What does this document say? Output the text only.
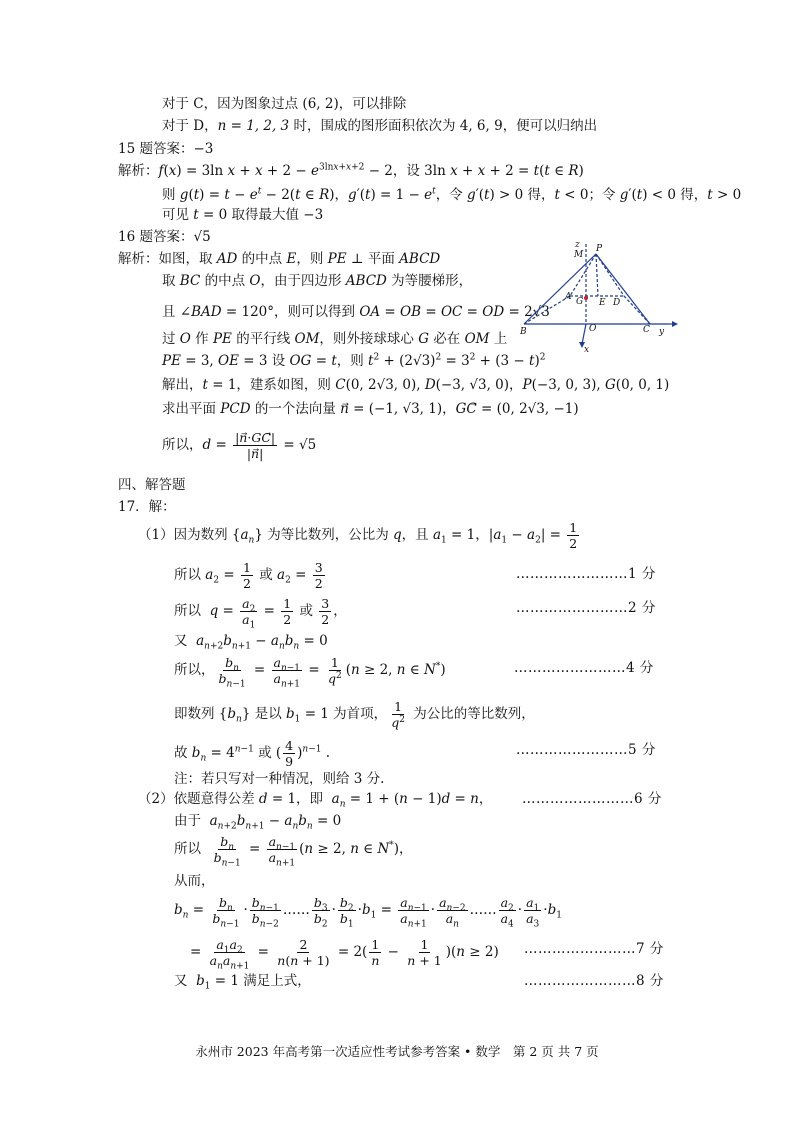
对于 C，因为图象过点 (6, 2)，可以排除
对于 D，n = 1, 2, 3 时，围成的图形面积依次为 4, 6, 9，便可以归纳出
15 题答案：−3
解析：f(x) = 3ln $x + x + 2 - e^{3lnx+x+2} - 2$，设 3ln x + x + 2 = t(t ∈ R)
则 $g(t) = t - e^t - 2(t$ ∈ R)，$g'(t) = 1 - e^t$，令 g′(t) > 0 得，t < 0；令 g′(t) < 0 得，t > 0
可见 t = 0 取得最大值 −3
16 题答案：√5
解析：如图，取 AD 的中点 E，则 PE ⊥ 平面 ABCD
取 BC 的中点 O，由于四边形 ABCD 为等腰梯形，
且 ∠BAD = 120°，则可以得到 OA = OB = OC = OD = 2√3
过 O 作 PE 的平行线 OM，则外接球球心 G 必在 OM 上
PE = 3, OE = 3 设 OG = t，则 $t^2 + (2√3)^2 = 3^2 + (3 - t)^2$
解出，t = 1，建系如图，则 C(0, 2√3, 0), D(−3, √3, 0)，P(−3, 0, 3), G(0, 0, 1)
求出平面 PCD 的一个法向量 n⃗ = (−1, √3, 1)，GC⃗ = (0, 2√3, −1)
所以，$d = \frac{|n⃗\cdot GC⃗|}{|n⃗|} = √5$
z
M
P
A G E D
B	O	C y
x
四、解答题
17．解：
（1）因为数列 $\{a_n\}$ 为等比数列，公比为 q，且 $a_1 = 1$，$|a_1 - a_2| = \frac{1}{2}$
所以 $a_2 = \frac{1}{2}$ 或 $a_2 = \frac{3}{2}$	……………………1 分
所以  $q = \frac{a_2}{a_1} = \frac{1}{2}$ 或 $\frac{3}{2}$ ，	……………………2 分
又  $a_{n+2}b_{n+1} - a_nb_n = 0$
所以， $\frac{b_n}{b_{n-1}} = \frac{a_{n-1}}{a_{n+1}} = \frac{1}{q^2} (n \ge 2$, n ∈ N*)	……………………4 分
即数列 $\{b_n\}$ 是以 $b_1 = 1$ 为首项， $\frac{1}{q^2}$ 为公比的等比数列，
故 $b_n = 4^{n-1}$ 或 ( $\frac{4}{9} )^{n-1}$ .	……………………5 分
注：若只写对一种情况，则给 3 分.
（2）依题意得公差 d = 1，即  $a_n = 1 + (n - 1)d = n$， ……………………6 分
由于  $a_{n+2}b_{n+1} - a_nb_n = 0$
所以 $\frac{b_n}{b_{n-1}} = \frac{a_{n-1}}{a_{n+1}} (n \ge 2$, n ∈ N*)，
从而，
$b_n = \frac{b_n}{b_{n-1}} \cdot \frac{b_{n-1}}{b_{n-2}}$ …… $\frac{b_3}{b_2} \cdot \frac{b_2}{b_1} \cdot b_1 = \frac{a_{n-1}}{a_{n+1}} \cdot \frac{a_{n-2}}{a_n}$ …… $\frac{a_2}{a_4} \cdot \frac{a_1}{a_3} \cdot b_1$
= $\frac{a_1a_2}{a_na_{n+1}} = \frac{2}{n(n + 1)} = 2( \frac{1}{n} - \frac{1}{n + 1} )(n \ge 2)$ ……………………7 分
又  $b_1 = 1$ 满足上式，	……………………8 分
永州市 2023 年高考第一次适应性考试参考答案 • 数学　第 2 页 共 7 页
